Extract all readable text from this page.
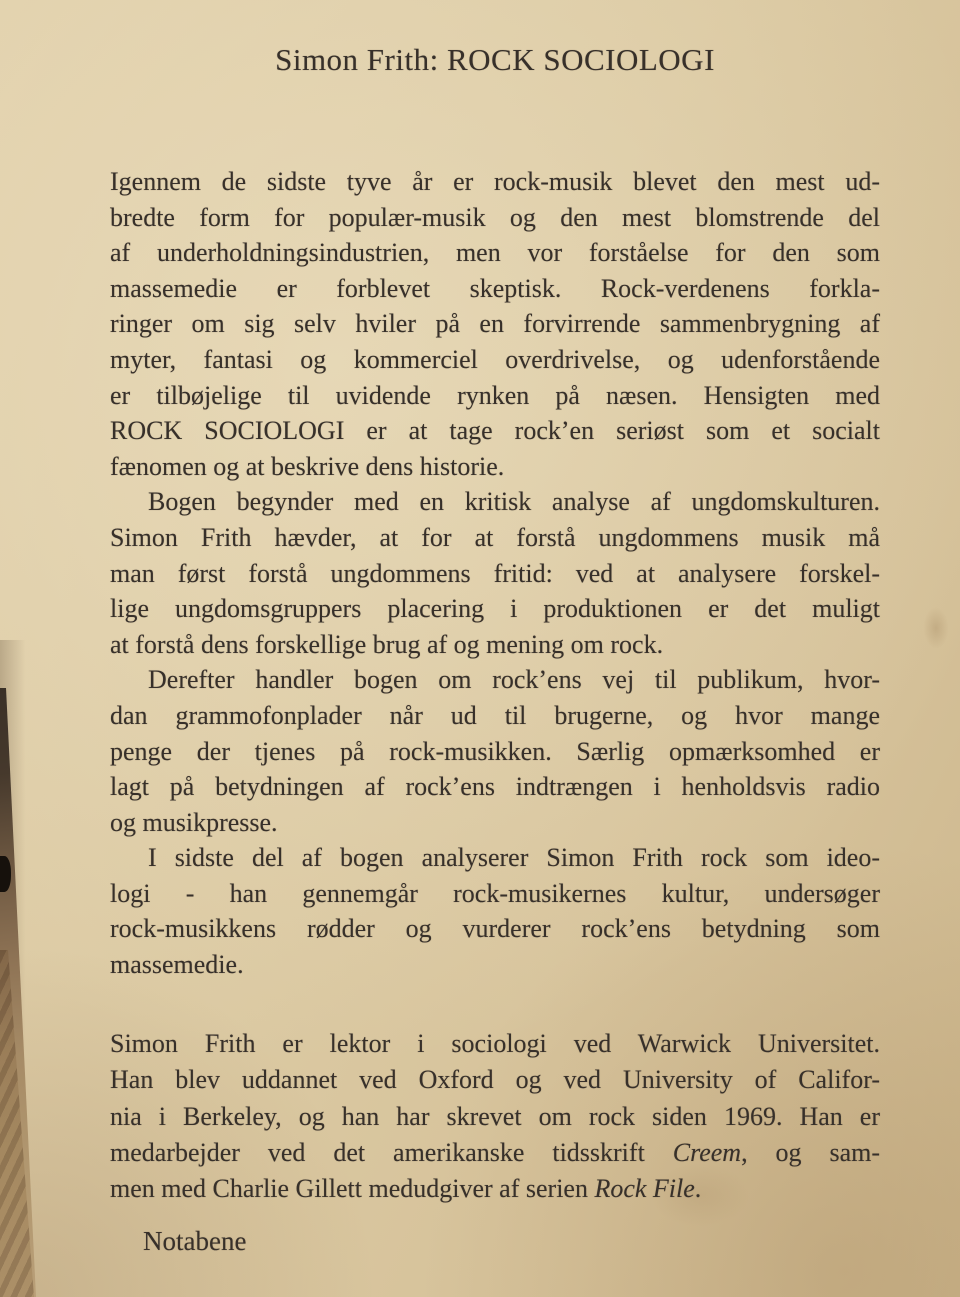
Simon Frith: ROCK SOCIOLOGI
Igennem de sidste tyve år er rock-musik blevet den mest ud-
bredte form for populær-musik og den mest blomstrende del
af underholdningsindustrien, men vor forståelse for den som
massemedie er forblevet skeptisk. Rock-verdenens forkla-
ringer om sig selv hviler på en forvirrende sammenbrygning af
myter, fantasi og kommerciel overdrivelse, og udenforstående
er tilbøjelige til uvidende rynken på næsen. Hensigten med
ROCK SOCIOLOGI er at tage rock’en seriøst som et socialt
fænomen og at beskrive dens historie.
Bogen begynder med en kritisk analyse af ungdomskulturen.
Simon Frith hævder, at for at forstå ungdommens musik må
man først forstå ungdommens fritid: ved at analysere forskel-
lige ungdomsgruppers placering i produktionen er det muligt
at forstå dens forskellige brug af og mening om rock.
Derefter handler bogen om rock’ens vej til publikum, hvor-
dan grammofonplader når ud til brugerne, og hvor mange
penge der tjenes på rock-musikken. Særlig opmærksomhed er
lagt på betydningen af rock’ens indtrængen i henholdsvis radio
og musikpresse.
I sidste del af bogen analyserer Simon Frith rock som ideo-
logi - han gennemgår rock-musikernes kultur, undersøger
rock-musikkens rødder og vurderer rock’ens betydning som
massemedie.
Simon Frith er lektor i sociologi ved Warwick Universitet.
Han blev uddannet ved Oxford og ved University of Califor-
nia i Berkeley, og han har skrevet om rock siden 1969. Han er
medarbejder ved det amerikanske tidsskrift Creem, og sam-
men med Charlie Gillett medudgiver af serien Rock File.
Notabene
